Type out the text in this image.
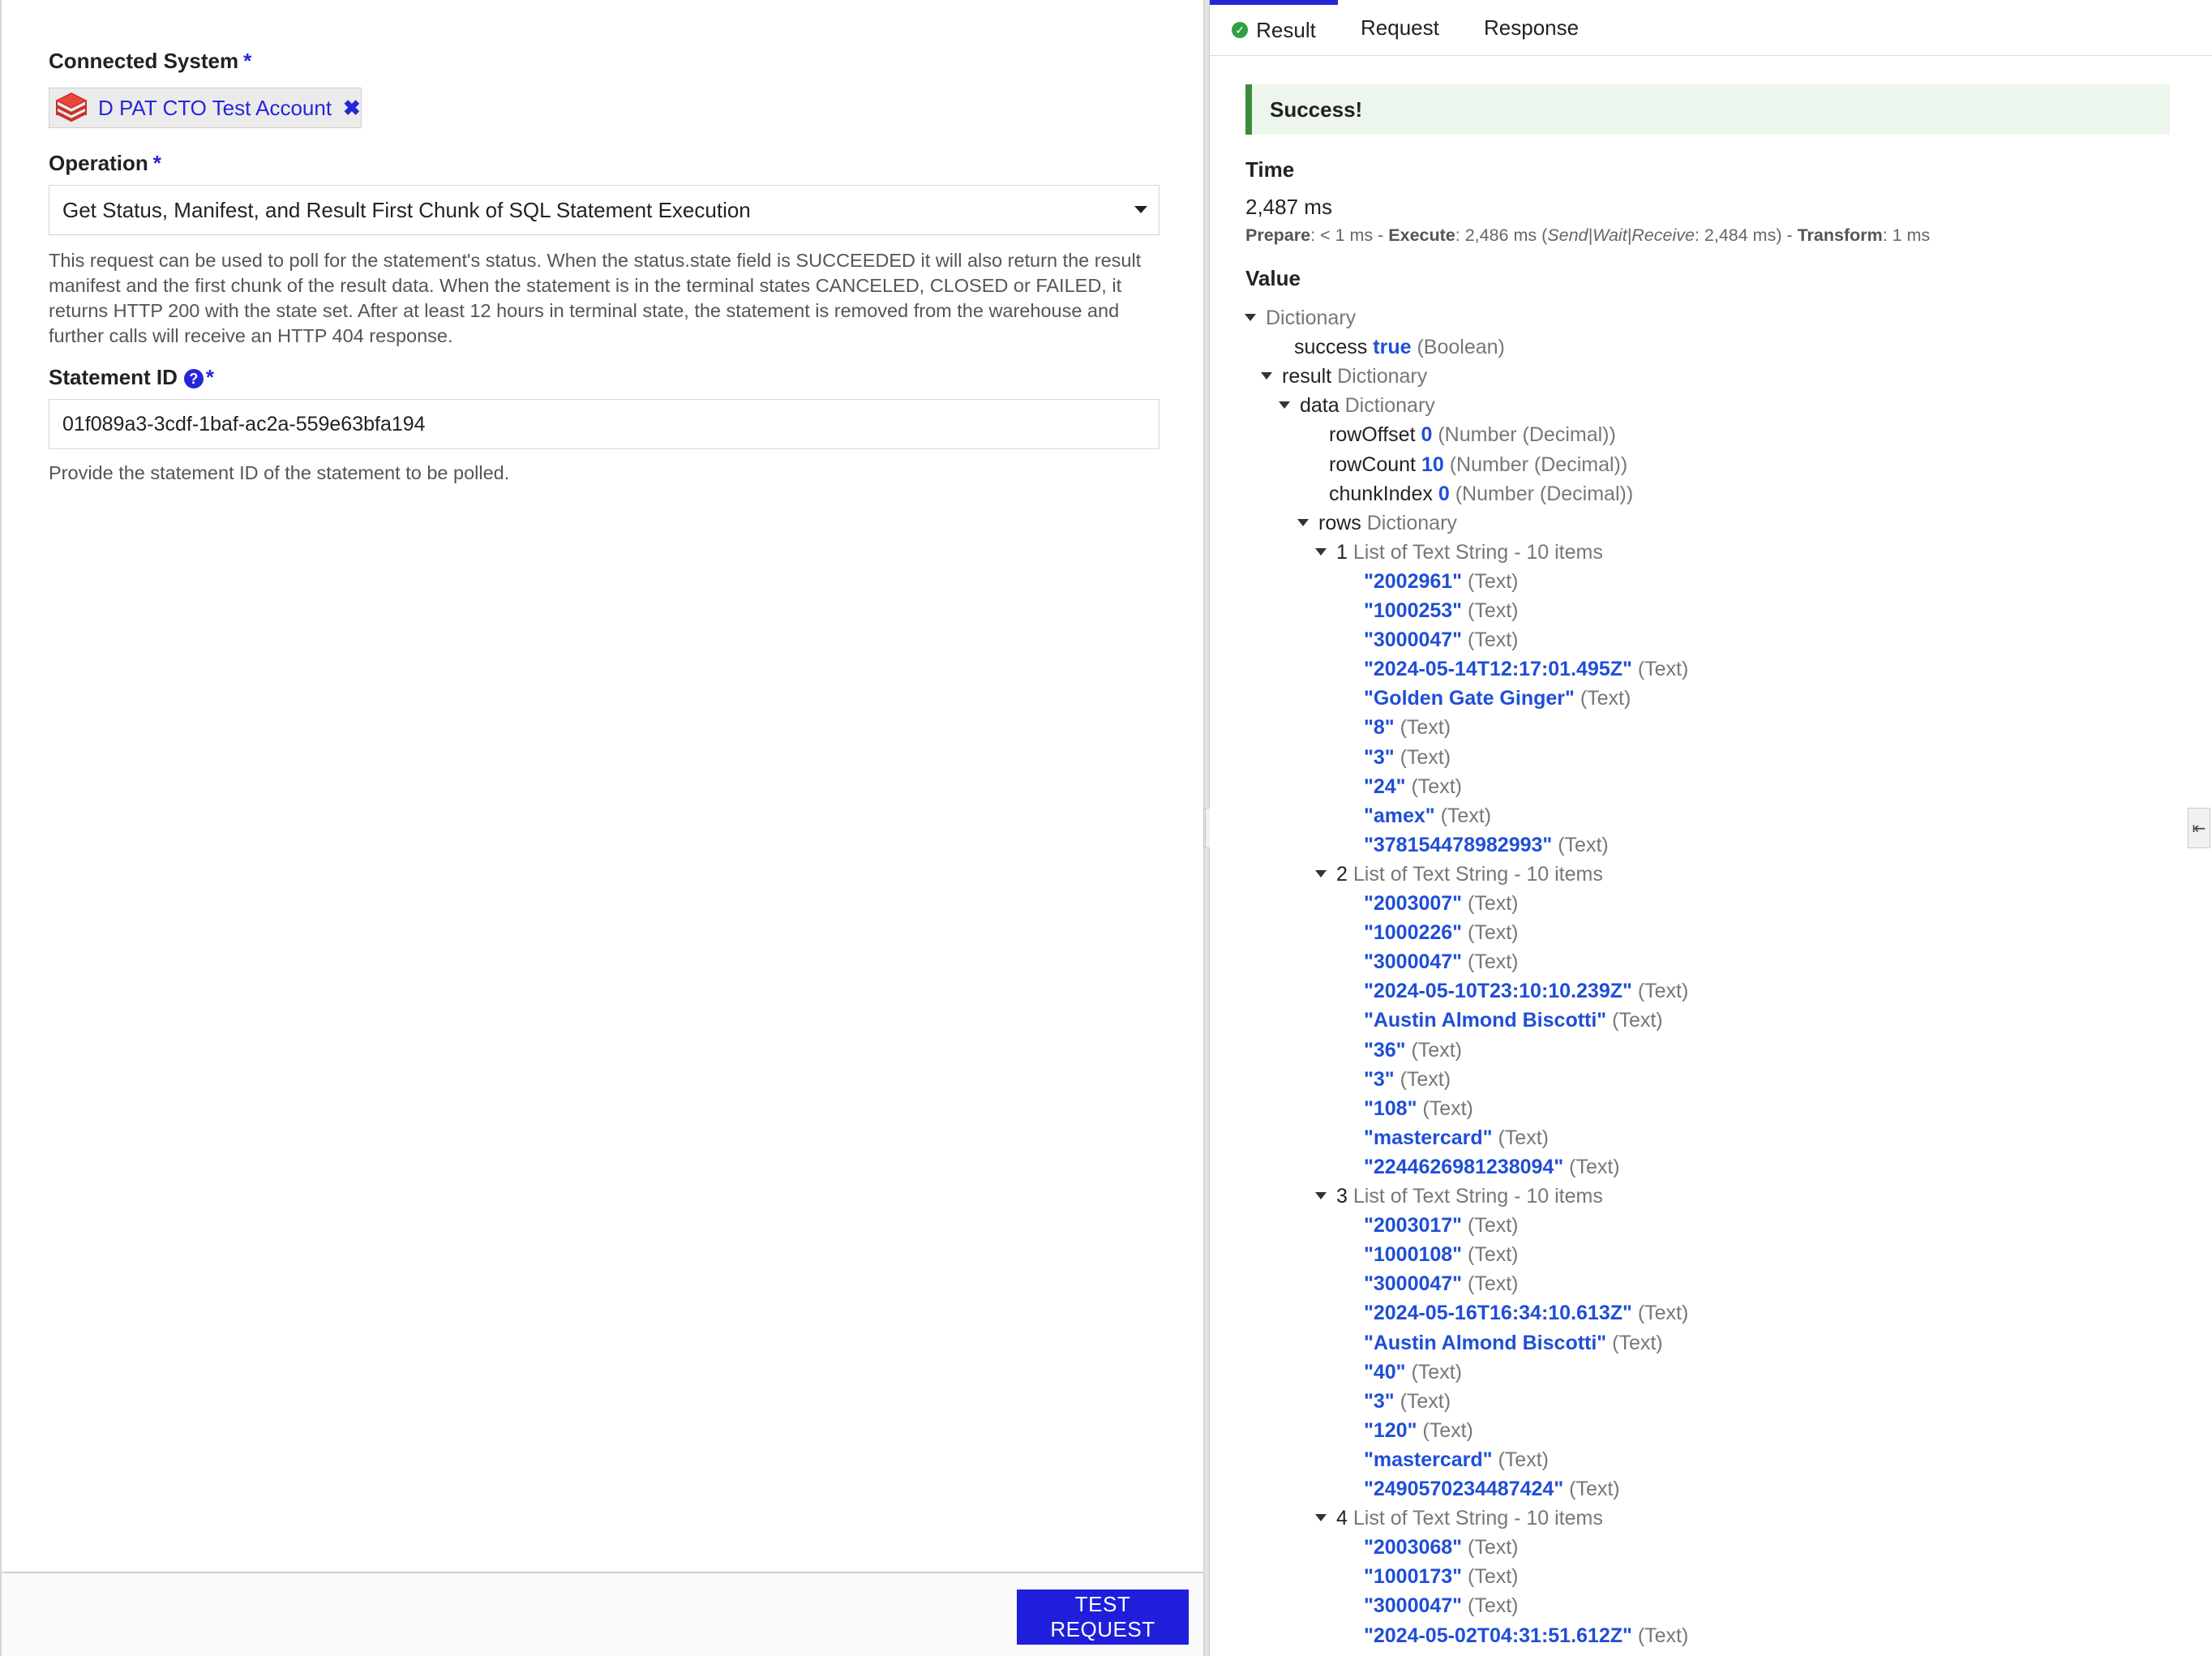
Connected System *
D PAT CTO Test Account ✖
Operation *
Get Status, Manifest, and Result First Chunk of SQL Statement Execution
This request can be used to poll for the statement's status. When the status.state field is SUCCEEDED it will also return the result manifest and the first chunk of the result data. When the statement is in the terminal states CANCELED, CLOSED or FAILED, it returns HTTP 200 with the state set. After at least 12 hours in terminal state, the statement is removed from the warehouse and further calls will receive an HTTP 404 response.
Statement ID ? *
01f089a3-3cdf-1baf-ac2a-559e63bfa194
Provide the statement ID of the statement to be polled.
TEST REQUEST
✓ Result Request Response
Success!
Time
2,487 ms
Prepare: < 1 ms - Execute: 2,486 ms (Send|Wait|Receive: 2,484 ms) - Transform: 1 ms
Value
Dictionary
success true (Boolean)
result Dictionary
data Dictionary
rowOffset 0 (Number (Decimal))
rowCount 10 (Number (Decimal))
chunkIndex 0 (Number (Decimal))
rows Dictionary
1 List of Text String - 10 items
"2002961" (Text)
"1000253" (Text)
"3000047" (Text)
"2024-05-14T12:17:01.495Z" (Text)
"Golden Gate Ginger" (Text)
"8" (Text)
"3" (Text)
"24" (Text)
"amex" (Text)
"378154478982993" (Text)
2 List of Text String - 10 items
"2003007" (Text)
"1000226" (Text)
"3000047" (Text)
"2024-05-10T23:10:10.239Z" (Text)
"Austin Almond Biscotti" (Text)
"36" (Text)
"3" (Text)
"108" (Text)
"mastercard" (Text)
"2244626981238094" (Text)
3 List of Text String - 10 items
"2003017" (Text)
"1000108" (Text)
"3000047" (Text)
"2024-05-16T16:34:10.613Z" (Text)
"Austin Almond Biscotti" (Text)
"40" (Text)
"3" (Text)
"120" (Text)
"mastercard" (Text)
"2490570234487424" (Text)
4 List of Text String - 10 items
"2003068" (Text)
"1000173" (Text)
"3000047" (Text)
"2024-05-02T04:31:51.612Z" (Text)
⇤
